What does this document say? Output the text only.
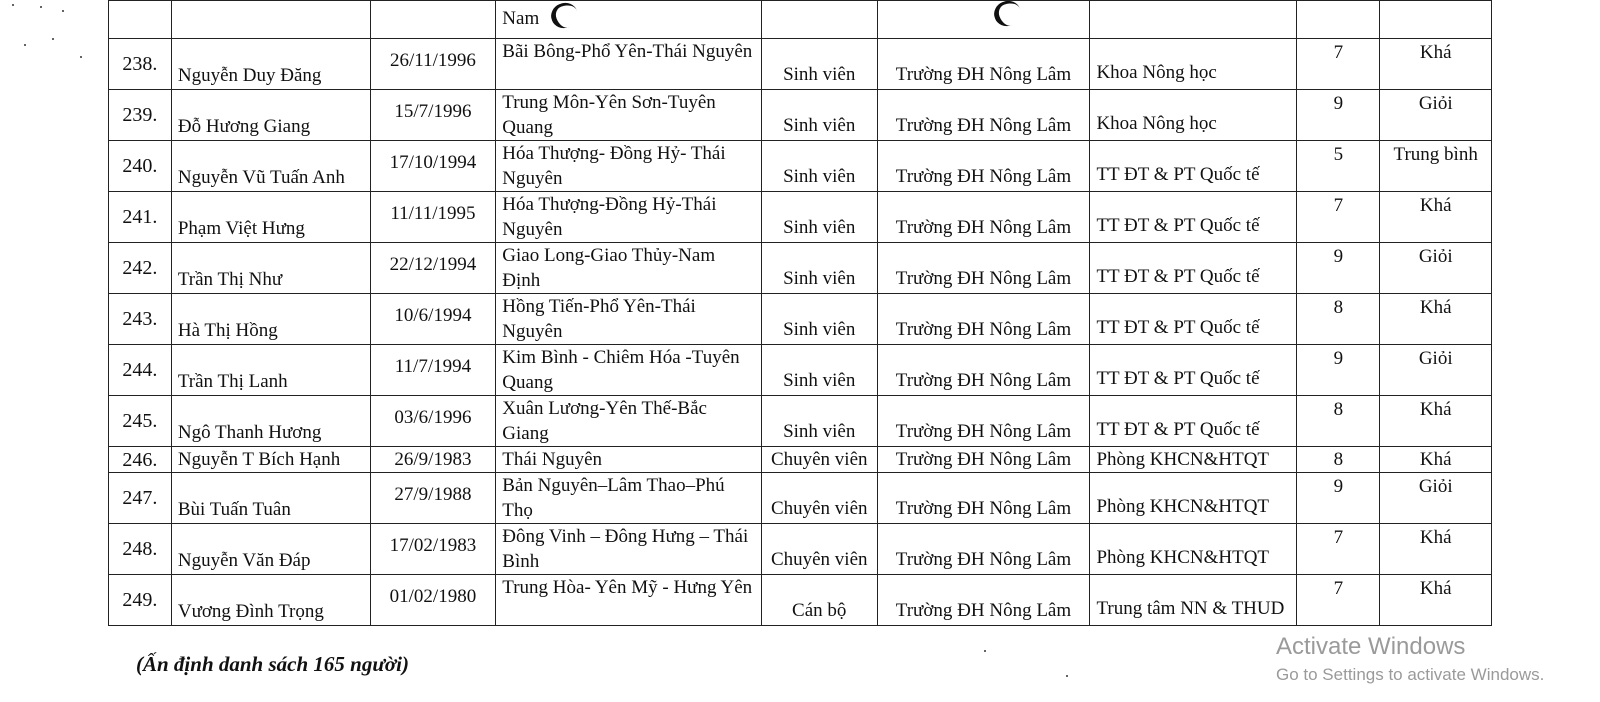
			Nam					
238.	Nguyễn Duy Đăng	26/11/1996	Bãi Bông-Phổ Yên-Thái Nguyên	Sinh viên	Trường ĐH Nông Lâm	Khoa Nông học	7	Khá
239.	Đỗ Hương Giang	15/7/1996	Trung Môn-Yên Sơn-Tuyên Quang	Sinh viên	Trường ĐH Nông Lâm	Khoa Nông học	9	Giỏi
240.	Nguyễn Vũ Tuấn Anh	17/10/1994	Hóa Thượng- Đồng Hỷ- Thái Nguyên	Sinh viên	Trường ĐH Nông Lâm	TT ĐT & PT Quốc tế	5	Trung bình
241.	Phạm Việt Hưng	11/11/1995	Hóa Thượng-Đồng Hỷ-Thái Nguyên	Sinh viên	Trường ĐH Nông Lâm	TT ĐT & PT Quốc tế	7	Khá
242.	Trần Thị Như	22/12/1994	Giao Long-Giao Thủy-Nam Định	Sinh viên	Trường ĐH Nông Lâm	TT ĐT & PT Quốc tế	9	Giỏi
243.	Hà Thị Hồng	10/6/1994	Hồng Tiến-Phổ Yên-Thái Nguyên	Sinh viên	Trường ĐH Nông Lâm	TT ĐT & PT Quốc tế	8	Khá
244.	Trần Thị Lanh	11/7/1994	Kim Bình - Chiêm Hóa -Tuyên Quang	Sinh viên	Trường ĐH Nông Lâm	TT ĐT & PT Quốc tế	9	Giỏi
245.	Ngô Thanh Hương	03/6/1996	Xuân Lương-Yên Thế-Bắc Giang	Sinh viên	Trường ĐH Nông Lâm	TT ĐT & PT Quốc tế	8	Khá
246.	Nguyễn T Bích Hạnh	26/9/1983	Thái Nguyên	Chuyên viên	Trường ĐH Nông Lâm	Phòng KHCN&HTQT	8	Khá
247.	Bùi Tuấn Tuân	27/9/1988	Bản Nguyên–Lâm Thao–Phú Thọ	Chuyên viên	Trường ĐH Nông Lâm	Phòng KHCN&HTQT	9	Giỏi
248.	Nguyễn Văn Đáp	17/02/1983	Đông Vinh – Đông Hưng – Thái Bình	Chuyên viên	Trường ĐH Nông Lâm	Phòng KHCN&HTQT	7	Khá
249.	Vương Đình Trọng	01/02/1980	Trung Hòa- Yên Mỹ - Hưng Yên	Cán bộ	Trường ĐH Nông Lâm	Trung tâm NN & THUD	7	Khá
(Ấn định danh sách 165 người)
Activate Windows
Go to Settings to activate Windows.
